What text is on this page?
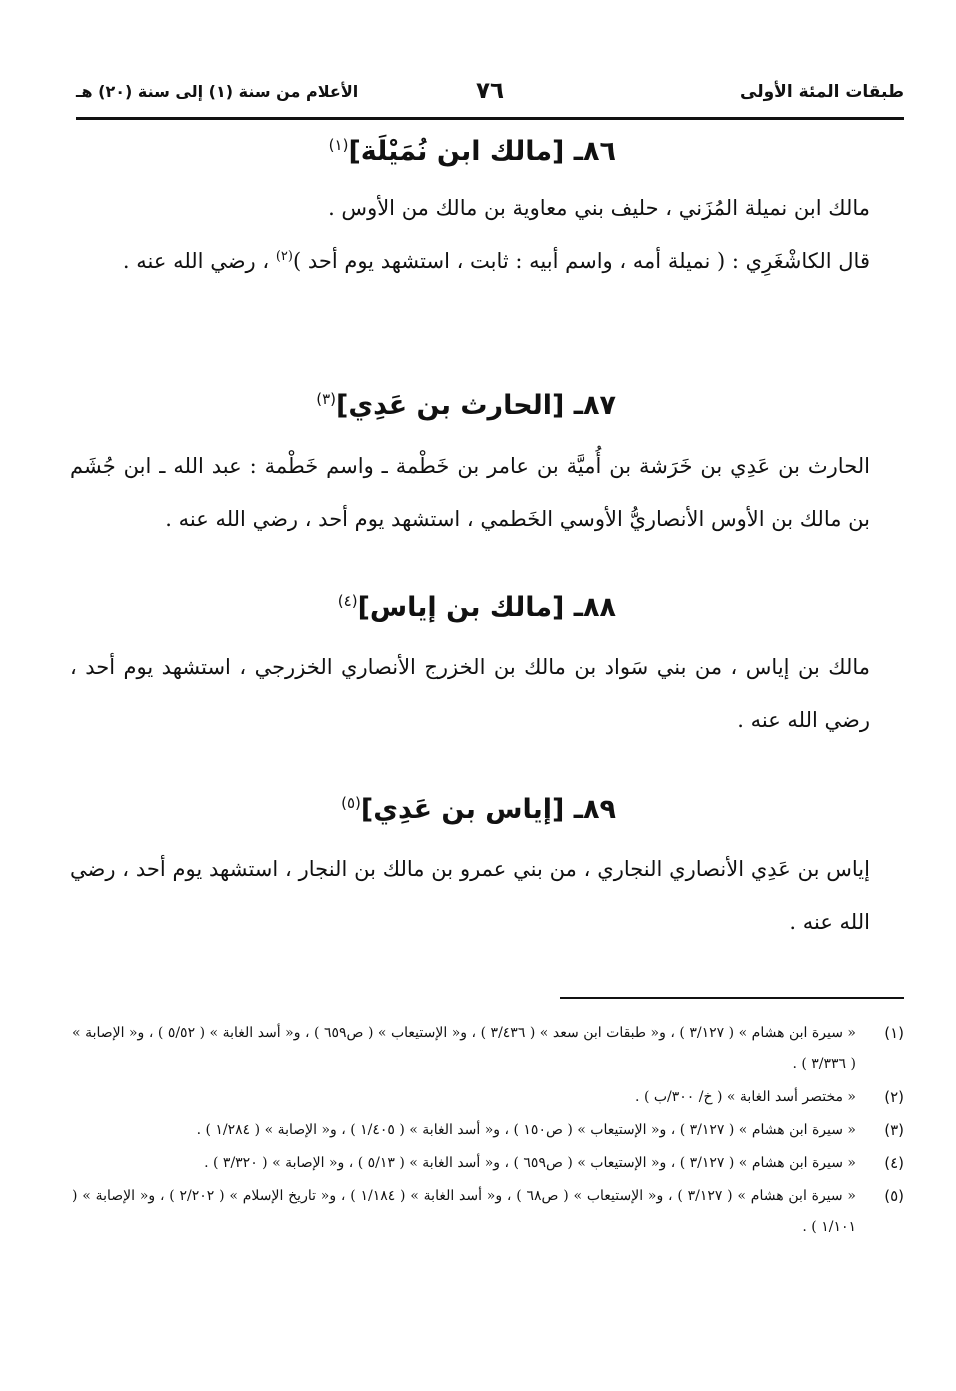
طبقات المئة الأولى
٧٦
الأعلام من سنة (١) إلى سنة (٢٠) هـ
٨٦ـ [مالك ابن نُمَيْلَة]$^{(١)}$

مالك ابن نميلة المُزَني ، حليف بني معاوية بن مالك من الأوس .

قال الكاشْغَرِي : ( نميلة أمه ، واسم أبيه : ثابت ، استشهد يوم أحد )$^{(٢)}$ ، رضي الله عنه .

٨٧ـ [الحارث بن عَدِي]$^{(٣)}$

الحارث بن عَدِي بن خَرَشة بن أُميَّة بن عامر بن خَطْمة ـ واسم خَطْمة : عبد الله ـ ابن جُشَم بن مالك بن الأوس الأنصاريُّ الأوسي الخَطمي ، استشهد يوم أحد ، رضي الله عنه .

٨٨ـ [مالك بن إياس]$^{(٤)}$

مالك بن إياس ، من بني سَواد بن مالك بن الخزرج الأنصاري الخزرجي ، استشهد يوم أحد ، رضي الله عنه .

٨٩ـ [إياس بن عَدِي]$^{(٥)}$

إياس بن عَدِي الأنصاري النجاري ، من بني عمرو بن مالك بن النجار ، استشهد يوم أحد ، رضي الله عنه .

(١)
« سيرة ابن هشام » ( ٣/١٢٧ ) ، و« طبقات ابن سعد » ( ٣/٤٣٦ ) ، و« الإستيعاب » ( ص٦٥٩ ) ، و« أسد الغابة » ( ٥/٥٢ ) ، و« الإصابة » ( ٣/٣٣٦ ) .
(٢)
« مختصر أسد الغابة » ( خ/ ٣٠٠/ب ) .
(٣)
« سيرة ابن هشام » ( ٣/١٢٧ ) ، و« الإستيعاب » ( ص١٥٠ ) ، و« أسد الغابة » ( ١/٤٠٥ ) ، و« الإصابة » ( ١/٢٨٤ ) .
(٤)
« سيرة ابن هشام » ( ٣/١٢٧ ) ، و« الإستيعاب » ( ص٦٥٩ ) ، و« أسد الغابة » ( ٥/١٣ ) ، و« الإصابة » ( ٣/٣٢٠ ) .
(٥)
« سيرة ابن هشام » ( ٣/١٢٧ ) ، و« الإستيعاب » ( ص٦٨ ) ، و« أسد الغابة » ( ١/١٨٤ ) ، و« تاريخ الإسلام » ( ٢/٢٠٢ ) ، و« الإصابة » ( ١/١٠١ ) .
